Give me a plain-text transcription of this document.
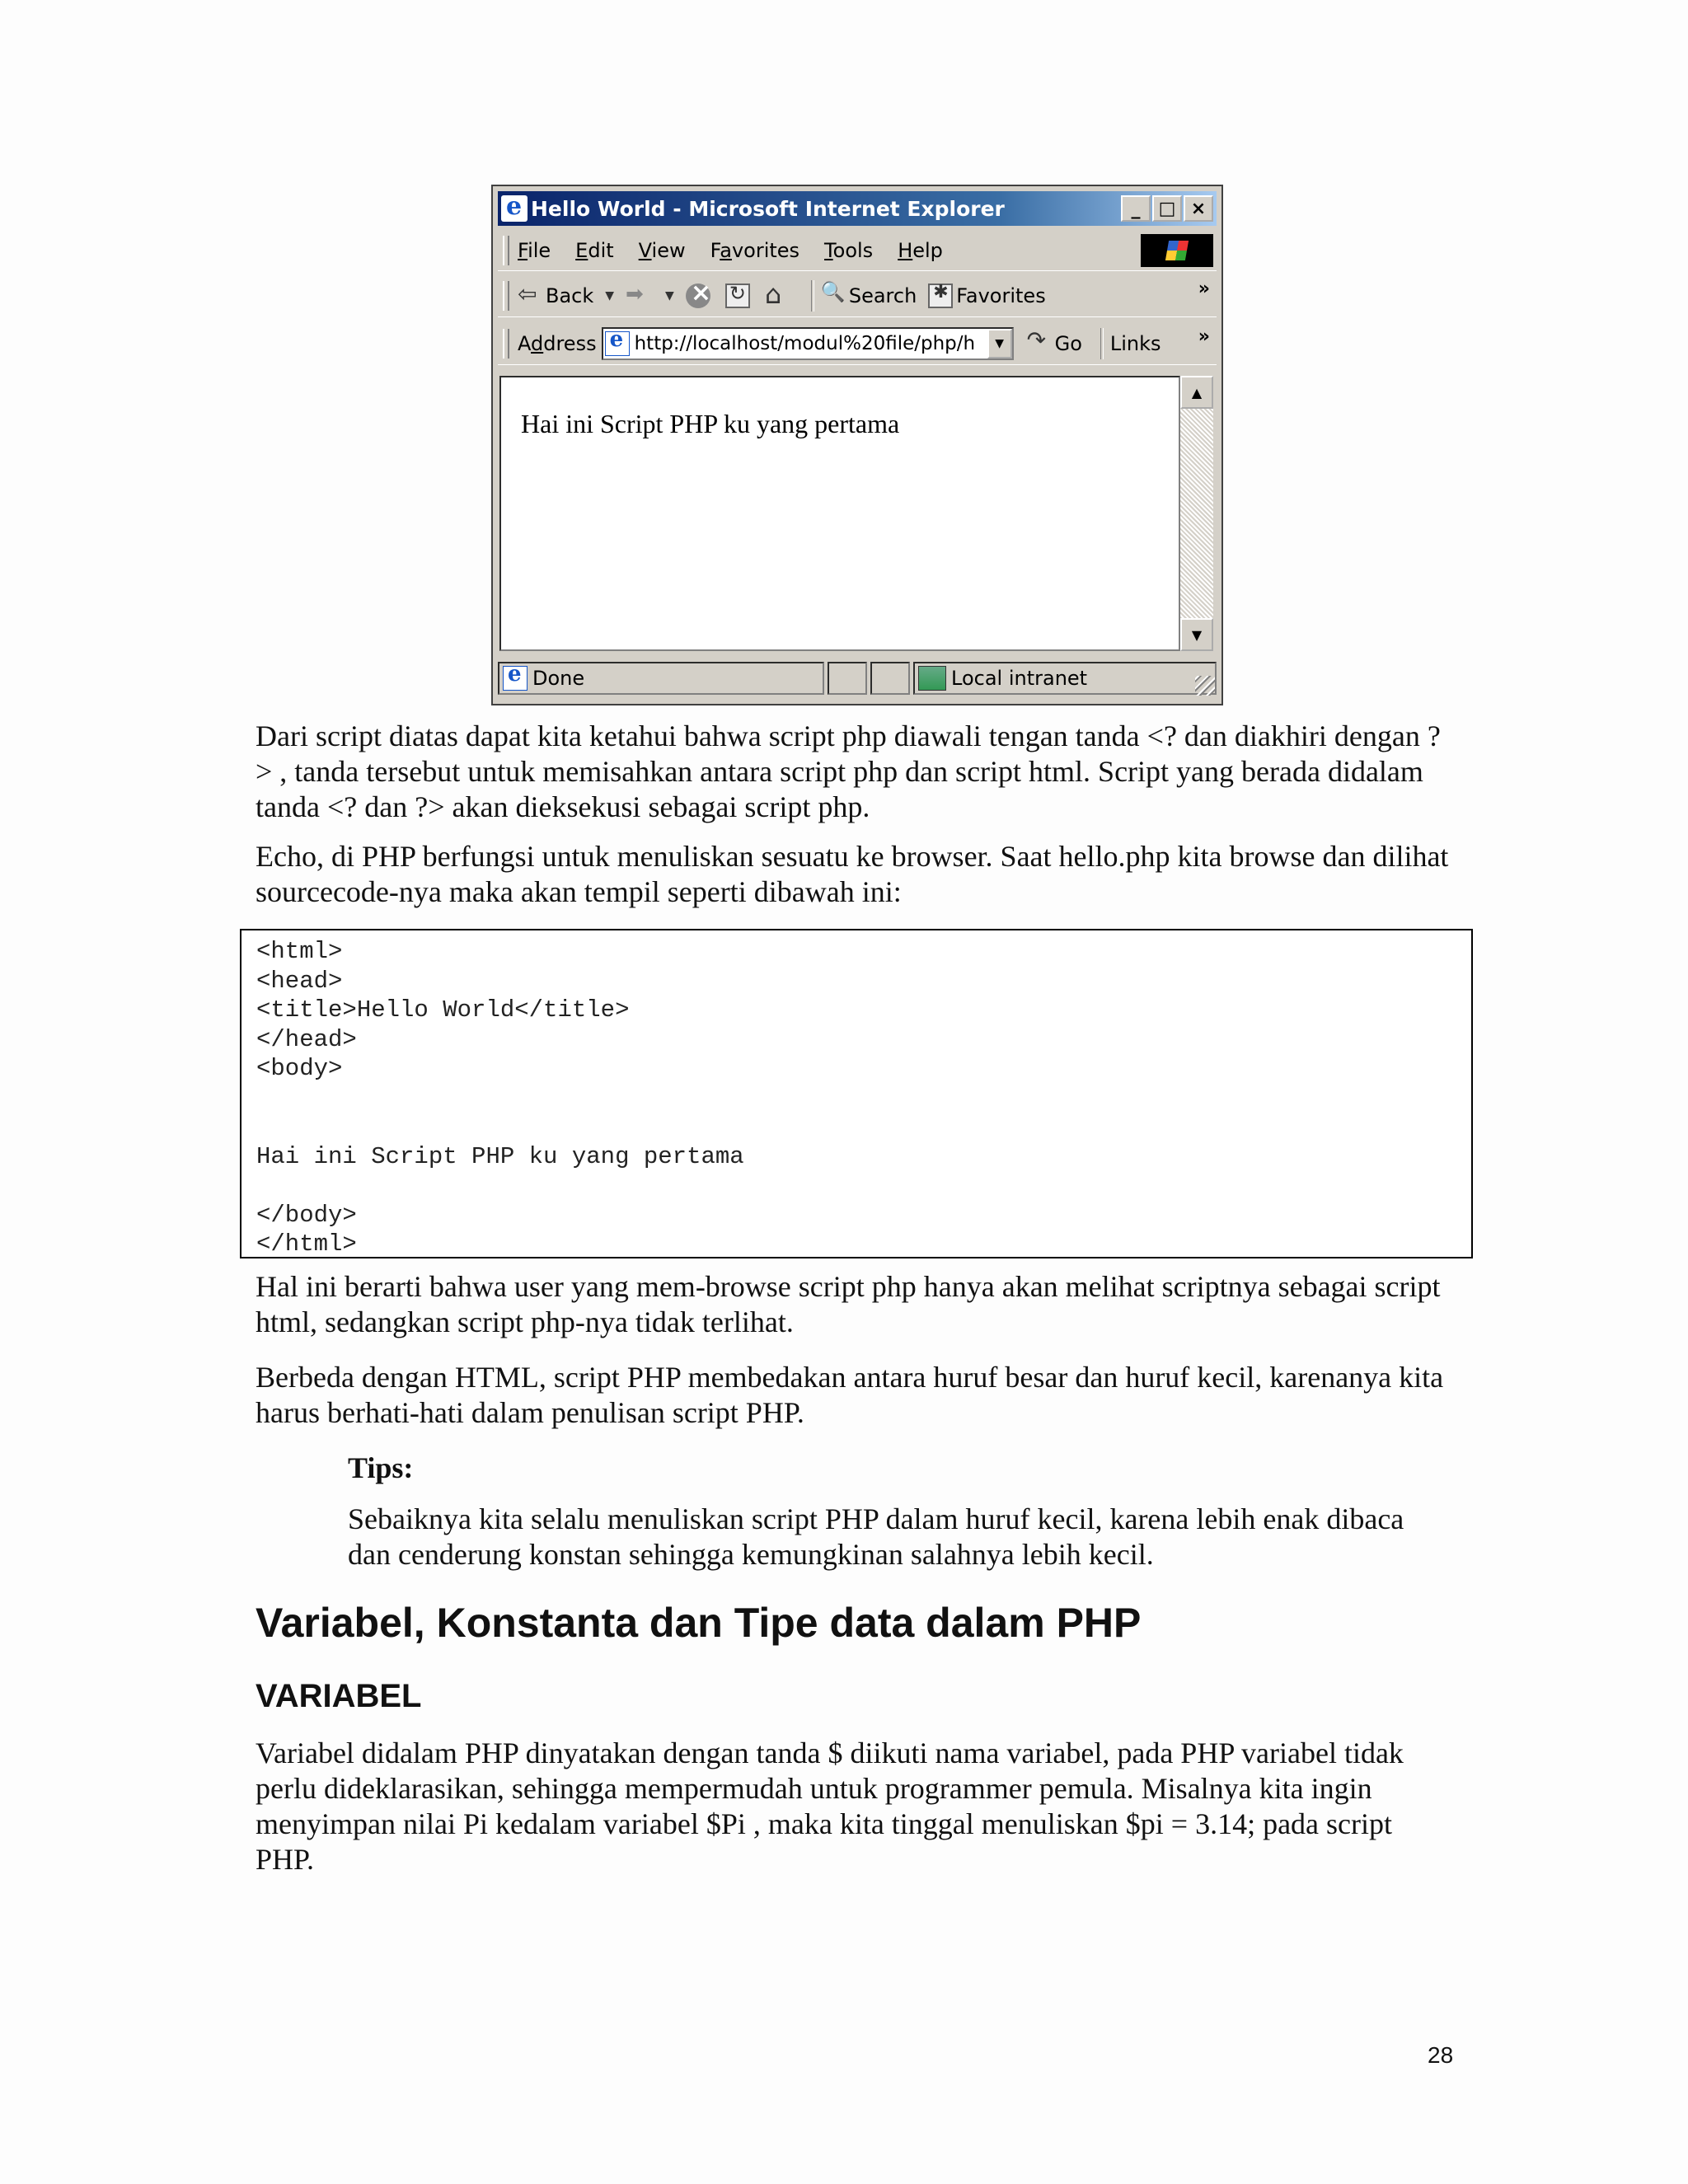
e
Hello World - Microsoft Internet Explorer	_	□ ×
File Edit View Favorites Tools Help
⇦
Back ▼ ➡	▼ × ↻ ⌂ 🔍	Search ✱ Favorites	»
Address e http://localhost/modul%20file/php/h	▼ ↷	Go Links »
Hai ini Script PHP ku yang pertama
▲
▼
e
Done	Local intranet

Dari script diatas dapat kita ketahui bahwa script php diawali tengan tanda <? dan diakhiri dengan ?> , tanda tersebut untuk memisahkan antara script php dan script html. Script yang berada didalam tanda <? dan ?> akan dieksekusi sebagai script php.

Echo, di PHP berfungsi untuk menuliskan sesuatu ke browser. Saat hello.php kita browse dan dilihat sourcecode-nya maka akan tempil seperti dibawah ini:

<html>
<head>
<title>Hello World</title>
</head>
<body>

Hai ini Script PHP ku yang pertama

</body>
</html>

Hal ini berarti bahwa user yang mem-browse script php hanya akan melihat scriptnya sebagai script html, sedangkan script php-nya tidak terlihat.

Berbeda dengan HTML, script PHP membedakan antara huruf besar dan huruf kecil, karenanya kita harus berhati-hati dalam penulisan script PHP.

Tips:

Sebaiknya kita selalu menuliskan script PHP dalam huruf kecil, karena lebih enak dibaca dan cenderung konstan sehingga kemungkinan salahnya lebih kecil.

Variabel, Konstanta dan Tipe data dalam PHP
VARIABEL

Variabel didalam PHP dinyatakan dengan tanda $ diikuti nama variabel, pada PHP variabel tidak perlu dideklarasikan, sehingga mempermudah untuk programmer pemula. Misalnya kita ingin menyimpan nilai Pi kedalam variabel $Pi , maka kita tinggal menuliskan $pi = 3.14; pada script PHP.

28
